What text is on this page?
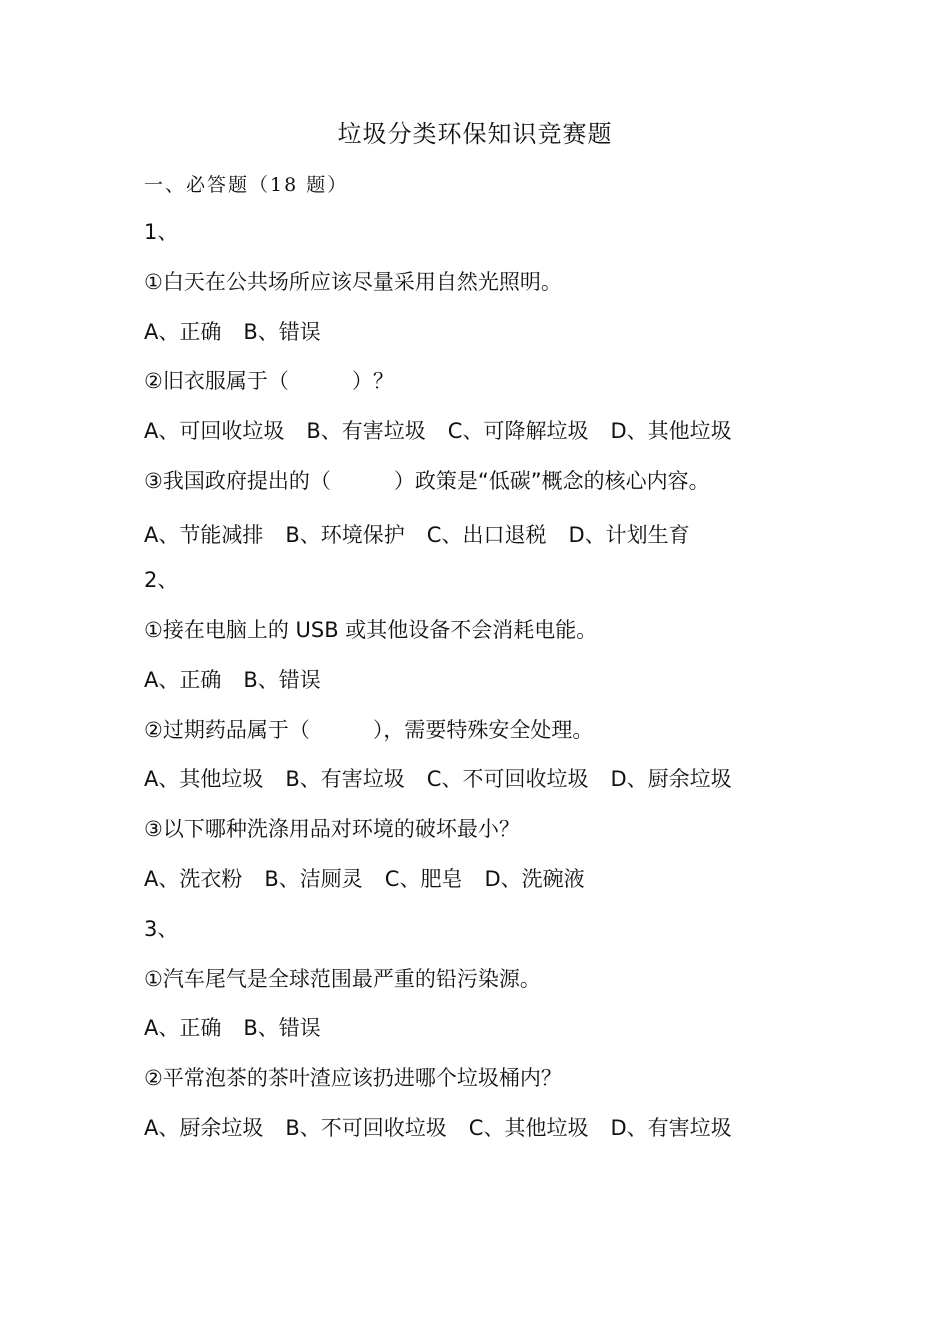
垃圾分类环保知识竞赛题
一、必答题（18 题）
1、
①白天在公共场所应该尽量采用自然光照明。
A、正确 B、错误
②旧衣服属于（　　　）？
A、可回收垃圾 B、有害垃圾 C、可降解垃圾 D、其他垃圾
③我国政府提出的（　　　）政策是“低碳”概念的核心内容。
A、节能减排 B、环境保护 C、出口退税 D、计划生育
2、
①接在电脑上的 USB 或其他设备不会消耗电能。
A、正确 B、错误
②过期药品属于（　　　），需要特殊安全处理。
A、其他垃圾 B、有害垃圾 C、不可回收垃圾 D、厨余垃圾
③以下哪种洗涤用品对环境的破坏最小？
A、洗衣粉 B、洁厕灵 C、肥皂 D、洗碗液
3、
①汽车尾气是全球范围最严重的铅污染源。
A、正确 B、错误
②平常泡茶的茶叶渣应该扔进哪个垃圾桶内？
A、厨余垃圾 B、不可回收垃圾 C、其他垃圾 D、有害垃圾
